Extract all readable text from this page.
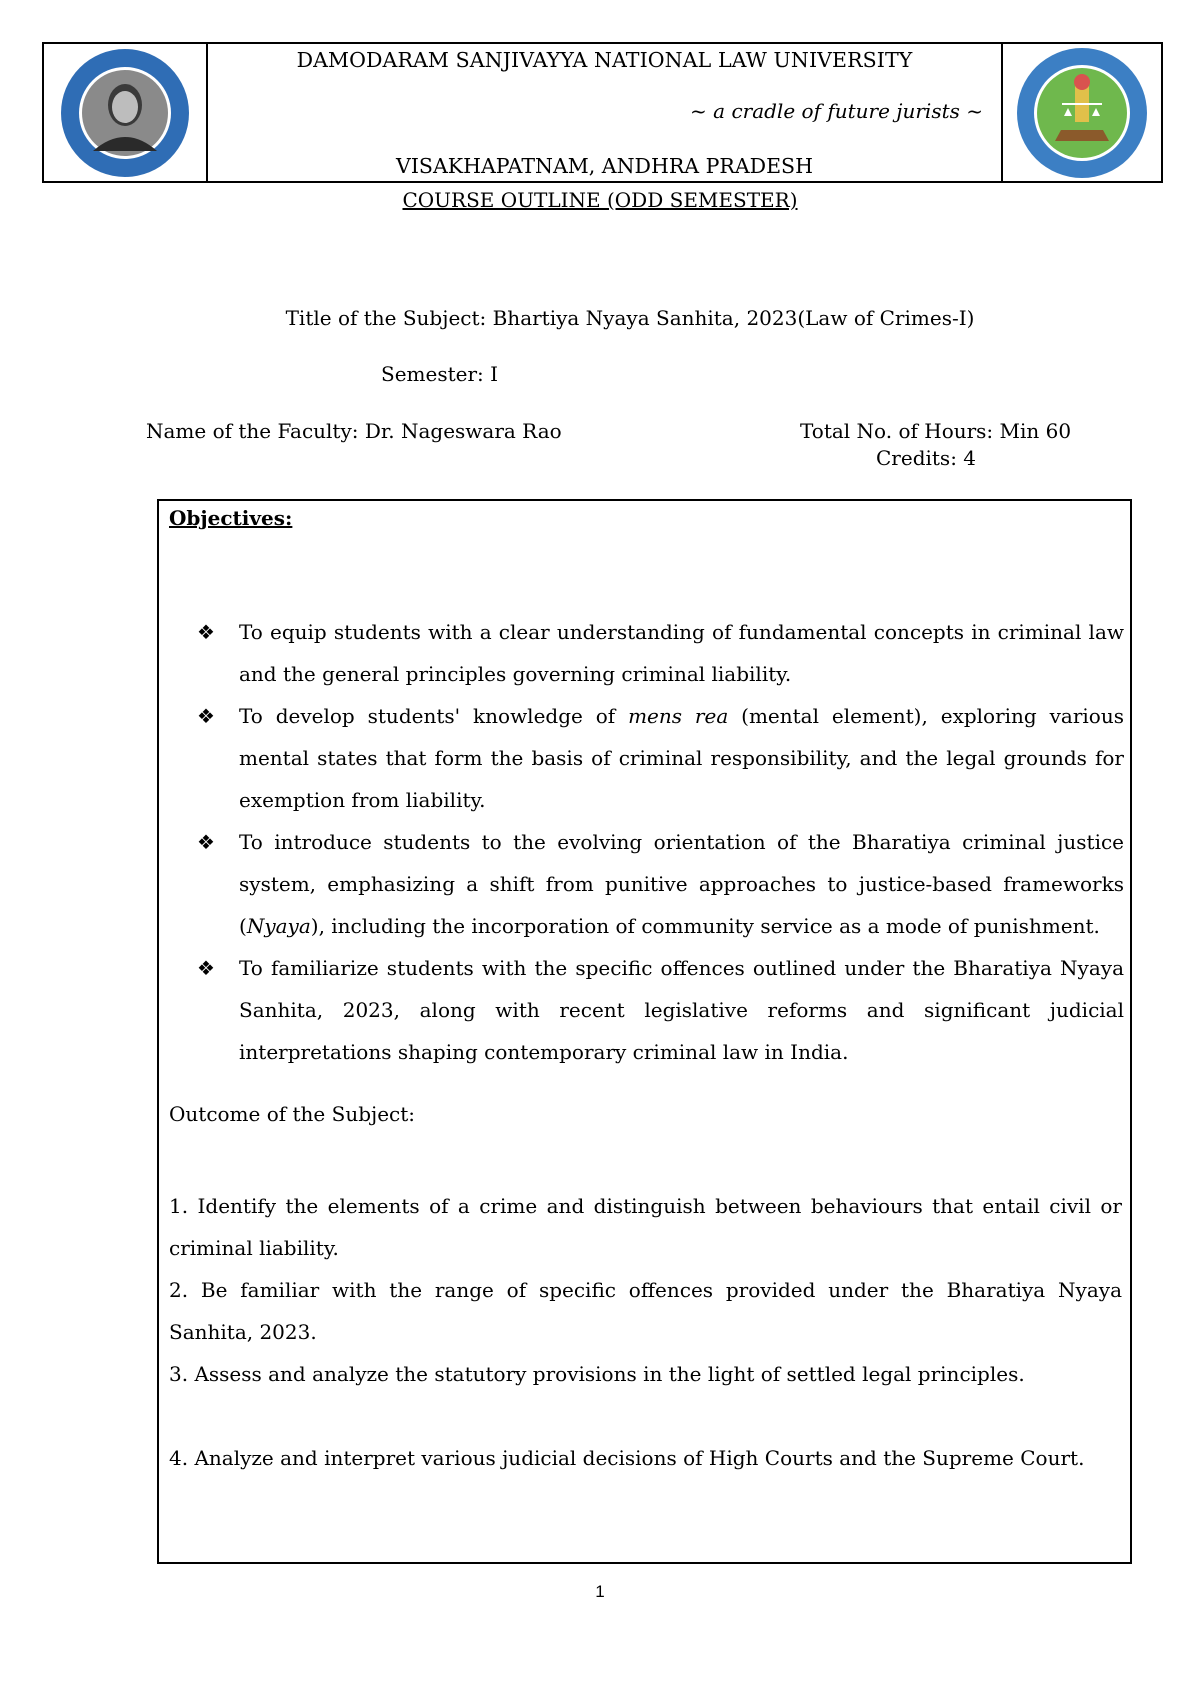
DAMODARAM SANJIVAYYA NATIONAL LAW UNIVERSITY
~ a cradle of future jurists ~
VISAKHAPATNAM, ANDHRA PRADESH
COURSE OUTLINE (ODD SEMESTER)
Title of the Subject: Bhartiya Nyaya Sanhita, 2023(Law of Crimes-I)
Semester: I
Name of the Faculty: Dr. Nageswara Rao	Total No. of Hours: Min 60
Credits: 4
Objectives:
❖ To equip students with a clear understanding of fundamental concepts in criminal law and the general principles governing criminal liability.
❖ To develop students' knowledge of mens rea (mental element), exploring various mental states that form the basis of criminal responsibility, and the legal grounds for exemption from liability.
❖ To introduce students to the evolving orientation of the Bharatiya criminal justice system, emphasizing a shift from punitive approaches to justice-based frameworks (Nyaya), including the incorporation of community service as a mode of punishment.
❖ To familiarize students with the specific offences outlined under the Bharatiya Nyaya Sanhita, 2023, along with recent legislative reforms and significant judicial interpretations shaping contemporary criminal law in India.
Outcome of the Subject:
1. Identify the elements of a crime and distinguish between behaviours that entail civil or criminal liability.
2. Be familiar with the range of specific offences provided under the Bharatiya Nyaya Sanhita, 2023.
3. Assess and analyze the statutory provisions in the light of settled legal principles.
4. Analyze and interpret various judicial decisions of High Courts and the Supreme Court.
1
